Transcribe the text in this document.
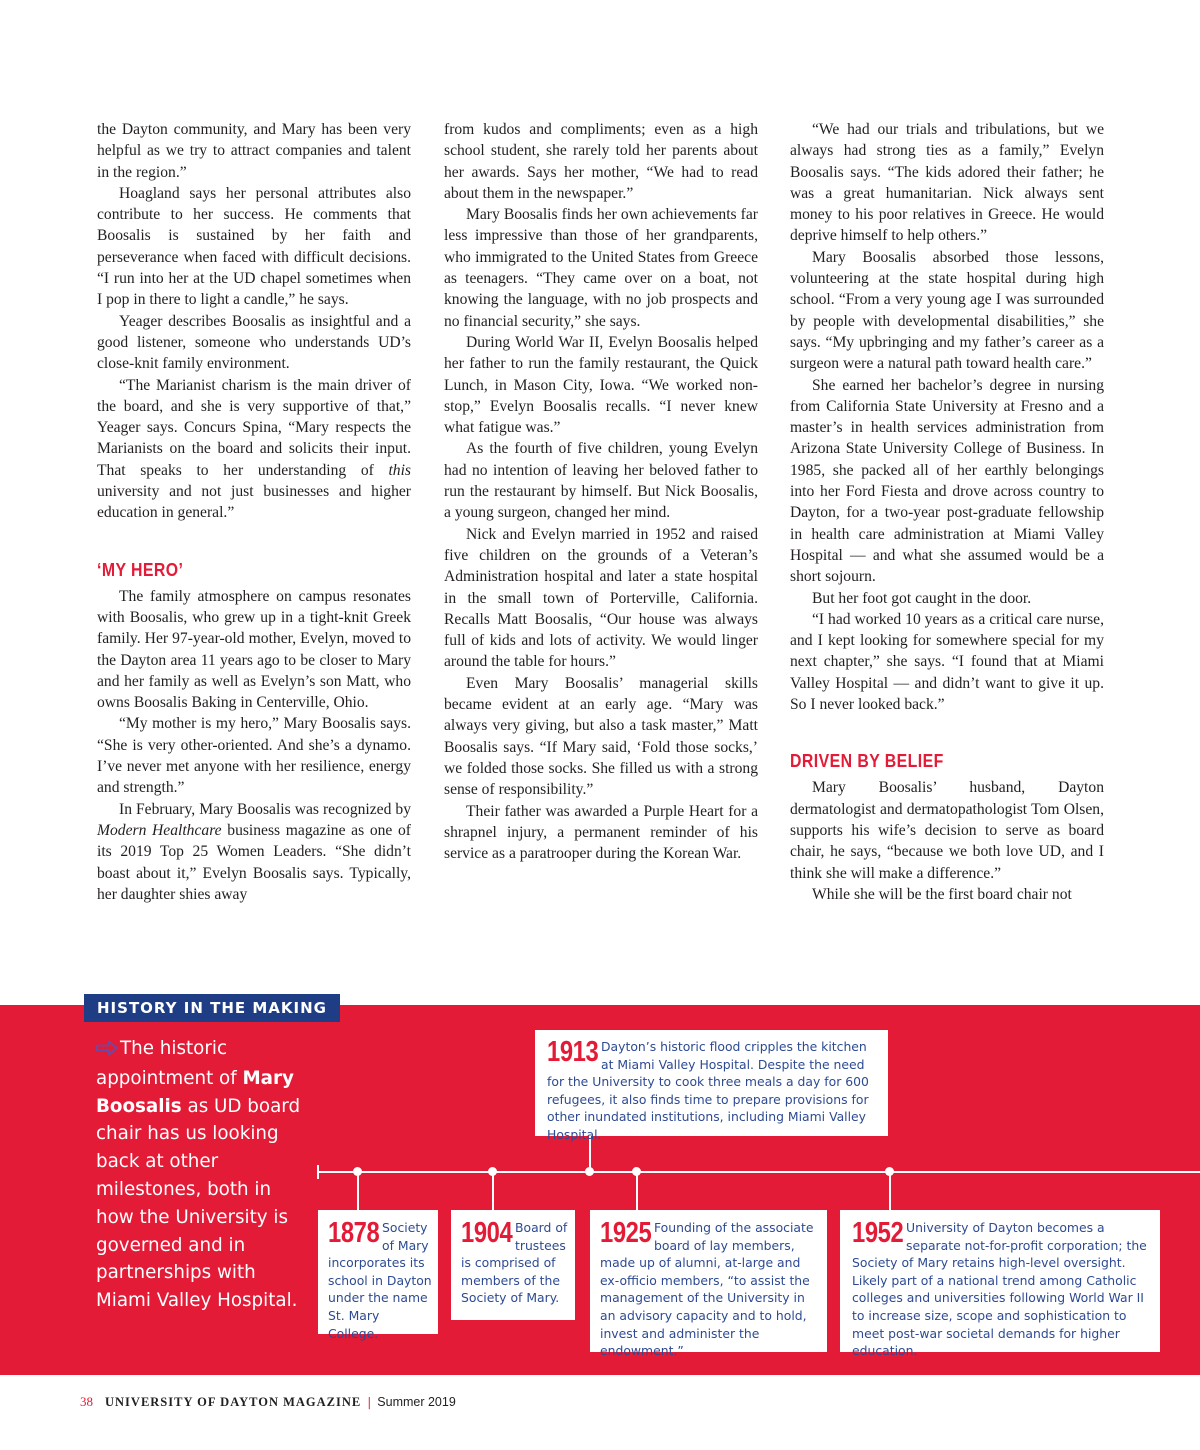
the Dayton community, and Mary has been very helpful as we try to attract companies and talent in the region.”

Hoagland says her personal attributes also contribute to her success. He comments that Boosalis is sustained by her faith and perseverance when faced with difficult decisions. “I run into her at the UD chapel sometimes when I pop in there to light a candle,” he says.

Yeager describes Boosalis as insightful and a good listener, someone who understands UD’s close-knit family environment.

“The Marianist charism is the main driver of the board, and she is very supportive of that,” Yeager says. Concurs Spina, “Mary respects the Marianists on the board and solicits their input. That speaks to her understanding of this university and not just businesses and higher education in general.”

‘MY HERO’

The family atmosphere on campus resonates with Boosalis, who grew up in a tight-knit Greek family. Her 97-year-old mother, Evelyn, moved to the Dayton area 11 years ago to be closer to Mary and her family as well as Evelyn’s son Matt, who owns Boosalis Baking in Centerville, Ohio.

“My mother is my hero,” Mary Boosalis says. “She is very other-oriented. And she’s a dynamo. I’ve never met anyone with her resilience, energy and strength.”

In February, Mary Boosalis was recognized by Modern Healthcare business magazine as one of its 2019 Top 25 Women Leaders. “She didn’t boast about it,” Evelyn Boosalis says. Typically, her daughter shies away

from kudos and compliments; even as a high school student, she rarely told her parents about her awards. Says her mother, “We had to read about them in the newspaper.”

Mary Boosalis finds her own achievements far less impressive than those of her grandparents, who immigrated to the United States from Greece as teenagers. “They came over on a boat, not knowing the language, with no job prospects and no financial security,” she says.

During World War II, Evelyn Boosalis helped her father to run the family restaurant, the Quick Lunch, in Mason City, Iowa. “We worked non-stop,” Evelyn Boosalis recalls. “I never knew what fatigue was.”

As the fourth of five children, young Evelyn had no intention of leaving her beloved father to run the restaurant by himself. But Nick Boosalis, a young surgeon, changed her mind.

Nick and Evelyn married in 1952 and raised five children on the grounds of a Veteran’s Administration hospital and later a state hospital in the small town of Porterville, California. Recalls Matt Boosalis, “Our house was always full of kids and lots of activity. We would linger around the table for hours.”

Even Mary Boosalis’ managerial skills became evident at an early age. “Mary was always very giving, but also a task master,” Matt Boosalis says. “If Mary said, ‘Fold those socks,’ we folded those socks. She filled us with a strong sense of responsibility.”

Their father was awarded a Purple Heart for a shrapnel injury, a permanent reminder of his service as a paratrooper during the Korean War.

“We had our trials and tribulations, but we always had strong ties as a family,” Evelyn Boosalis says. “The kids adored their father; he was a great humanitarian. Nick always sent money to his poor relatives in Greece. He would deprive himself to help others.”

Mary Boosalis absorbed those lessons, volunteering at the state hospital during high school. “From a very young age I was surrounded by people with developmental disabilities,” she says. “My upbringing and my father’s career as a surgeon were a natural path toward health care.”

She earned her bachelor’s degree in nursing from California State University at Fresno and a master’s in health services administration from Arizona State University College of Business. In 1985, she packed all of her earthly belongings into her Ford Fiesta and drove across country to Dayton, for a two-year post-graduate fellowship in health care administration at Miami Valley Hospital — and what she assumed would be a short sojourn.

But her foot got caught in the door.

“I had worked 10 years as a critical care nurse, and I kept looking for somewhere special for my next chapter,” she says. “I found that at Miami Valley Hospital — and didn’t want to give it up. So I never looked back.”

DRIVEN BY BELIEF

Mary Boosalis’ husband, Dayton dermatologist and dermatopathologist Tom Olsen, supports his wife’s decision to serve as board chair, he says, “because we both love UD, and I think she will make a difference.”

While she will be the first board chair not

HISTORY IN THE MAKING
The historic appointment of Mary Boosalis as UD board chair has us looking back at other milestones, both in how the University is governed and in partnerships with Miami Valley Hospital.
1913 Dayton’s historic flood cripples the kitchen at Miami Valley Hospital. Despite the need for the University to cook three meals a day for 600 refugees, it also finds time to prepare provisions for other inundated institutions, including Miami Valley Hospital.
1878 Society of Mary incorporates its school in Dayton under the name St. Mary College.
1904 Board of trustees is comprised of members of the Society of Mary.
1925 Founding of the associate board of lay members, made up of alumni, at-large and ex-officio members, “to assist the management of the University in an advisory capacity and to hold, invest and administer the endowment.”
1952 University of Dayton becomes a separate not-for-profit corporation; the Society of Mary retains high-level oversight. Likely part of a national trend among Catholic colleges and universities following World War II to increase size, scope and sophistication to meet post-war societal demands for higher education.
38 UNIVERSITY OF DAYTON MAGAZINE | Summer 2019
